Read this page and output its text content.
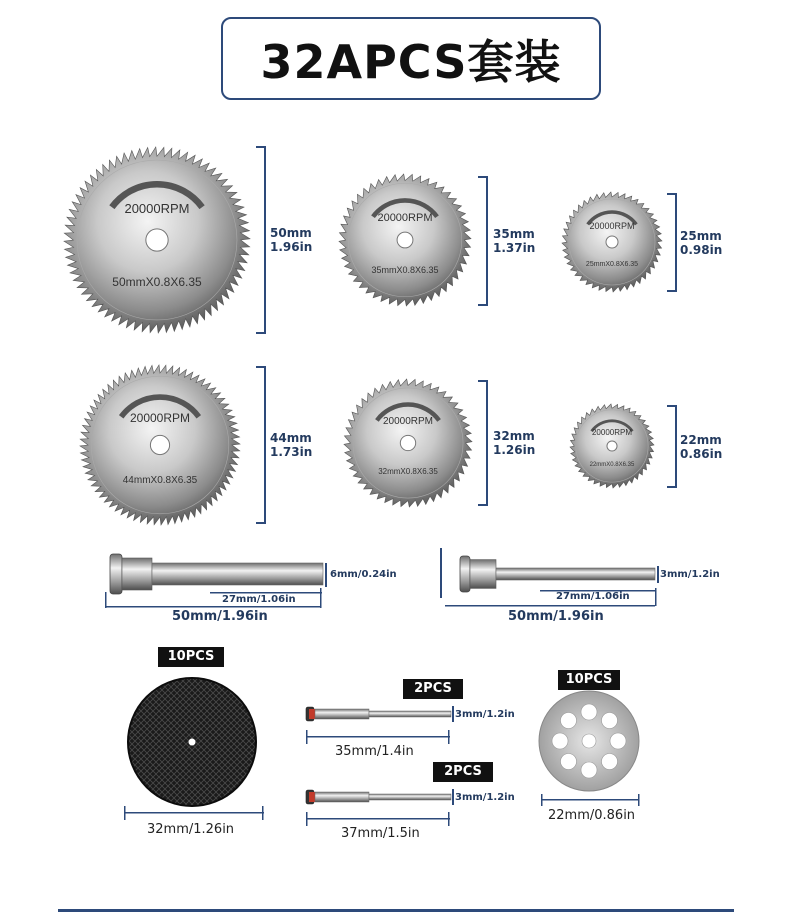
32APCS套装
20000RPM
50mmX0.8X6.35
50mm
1.96in
20000RPM
35mmX0.8X6.35
35mm
1.37in
20000RPM
25mmX0.8X6.35
25mm
0.98in
20000RPM
44mmX0.8X6.35
44mm
1.73in
20000RPM
32mmX0.8X6.35
32mm
1.26in
20000RPM
22mmX0.8X6.35
22mm
0.86in
6mm/0.24in
27mm/1.06in
50mm/1.96in
3mm/1.2in
27mm/1.06in
50mm/1.96in
10PCS
32mm/1.26in
2PCS
3mm/1.2in
35mm/1.4in
2PCS
3mm/1.2in
37mm/1.5in
10PCS
22mm/0.86in
